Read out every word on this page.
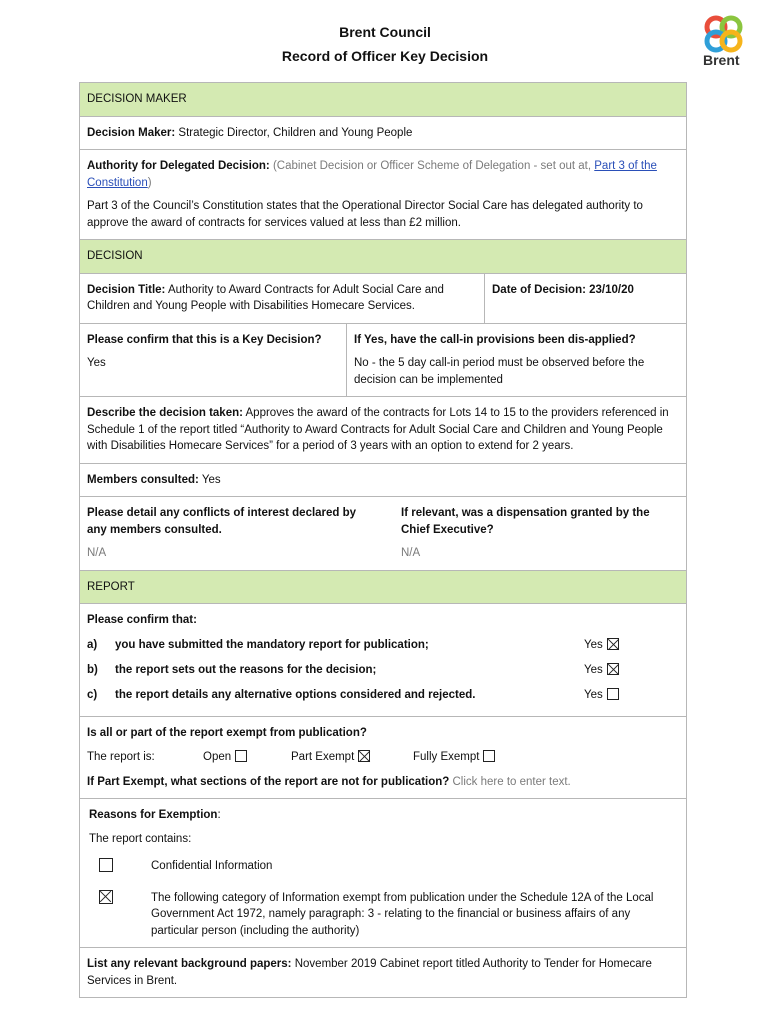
Brent Council
Record of Officer Key Decision	Brent
DECISION MAKER
Decision Maker: Strategic Director, Children and Young People
Authority for Delegated Decision: (Cabinet Decision or Officer Scheme of Delegation - set out at, Part 3 of the Constitution)
Part 3 of the Council’s Constitution states that the Operational Director Social Care has delegated authority to approve the award of contracts for services valued at less than £2 million.
DECISION
Decision Title: Authority to Award Contracts for Adult Social Care and Children and Young People with Disabilities Homecare Services.
Date of Decision: 23/10/20
Please confirm that this is a Key Decision?
Yes
If Yes, have the call-in provisions been dis-applied?
No - the 5 day call-in period must be observed before the decision can be implemented
Describe the decision taken: Approves the award of the contracts for Lots 14 to 15 to the providers referenced in Schedule 1 of the report titled “Authority to Award Contracts for Adult Social Care and Children and Young People with Disabilities Homecare Services” for a period of 3 years with an option to extend for 2 years.
Members consulted: Yes
Please detail any conflicts of interest declared by any members consulted.
N/A
If relevant, was a dispensation granted by the Chief Executive?
N/A
REPORT
Please confirm that:
a)	you have submitted the mandatory report for publication;	Yes
b)	the report sets out the reasons for the decision;	Yes
c)	the report details any alternative options considered and rejected.	Yes
Is all or part of the report exempt from publication?
The report is:	Open	Part Exempt	Fully Exempt
If Part Exempt, what sections of the report are not for publication? Click here to enter text.
Reasons for Exemption:
The report contains:
Confidential Information
The following category of Information exempt from publication under the Schedule 12A of the Local Government Act 1972, namely paragraph: 3 - relating to the financial or business affairs of any particular person (including the authority)
List any relevant background papers: November 2019 Cabinet report titled Authority to Tender for Homecare Services in Brent.
